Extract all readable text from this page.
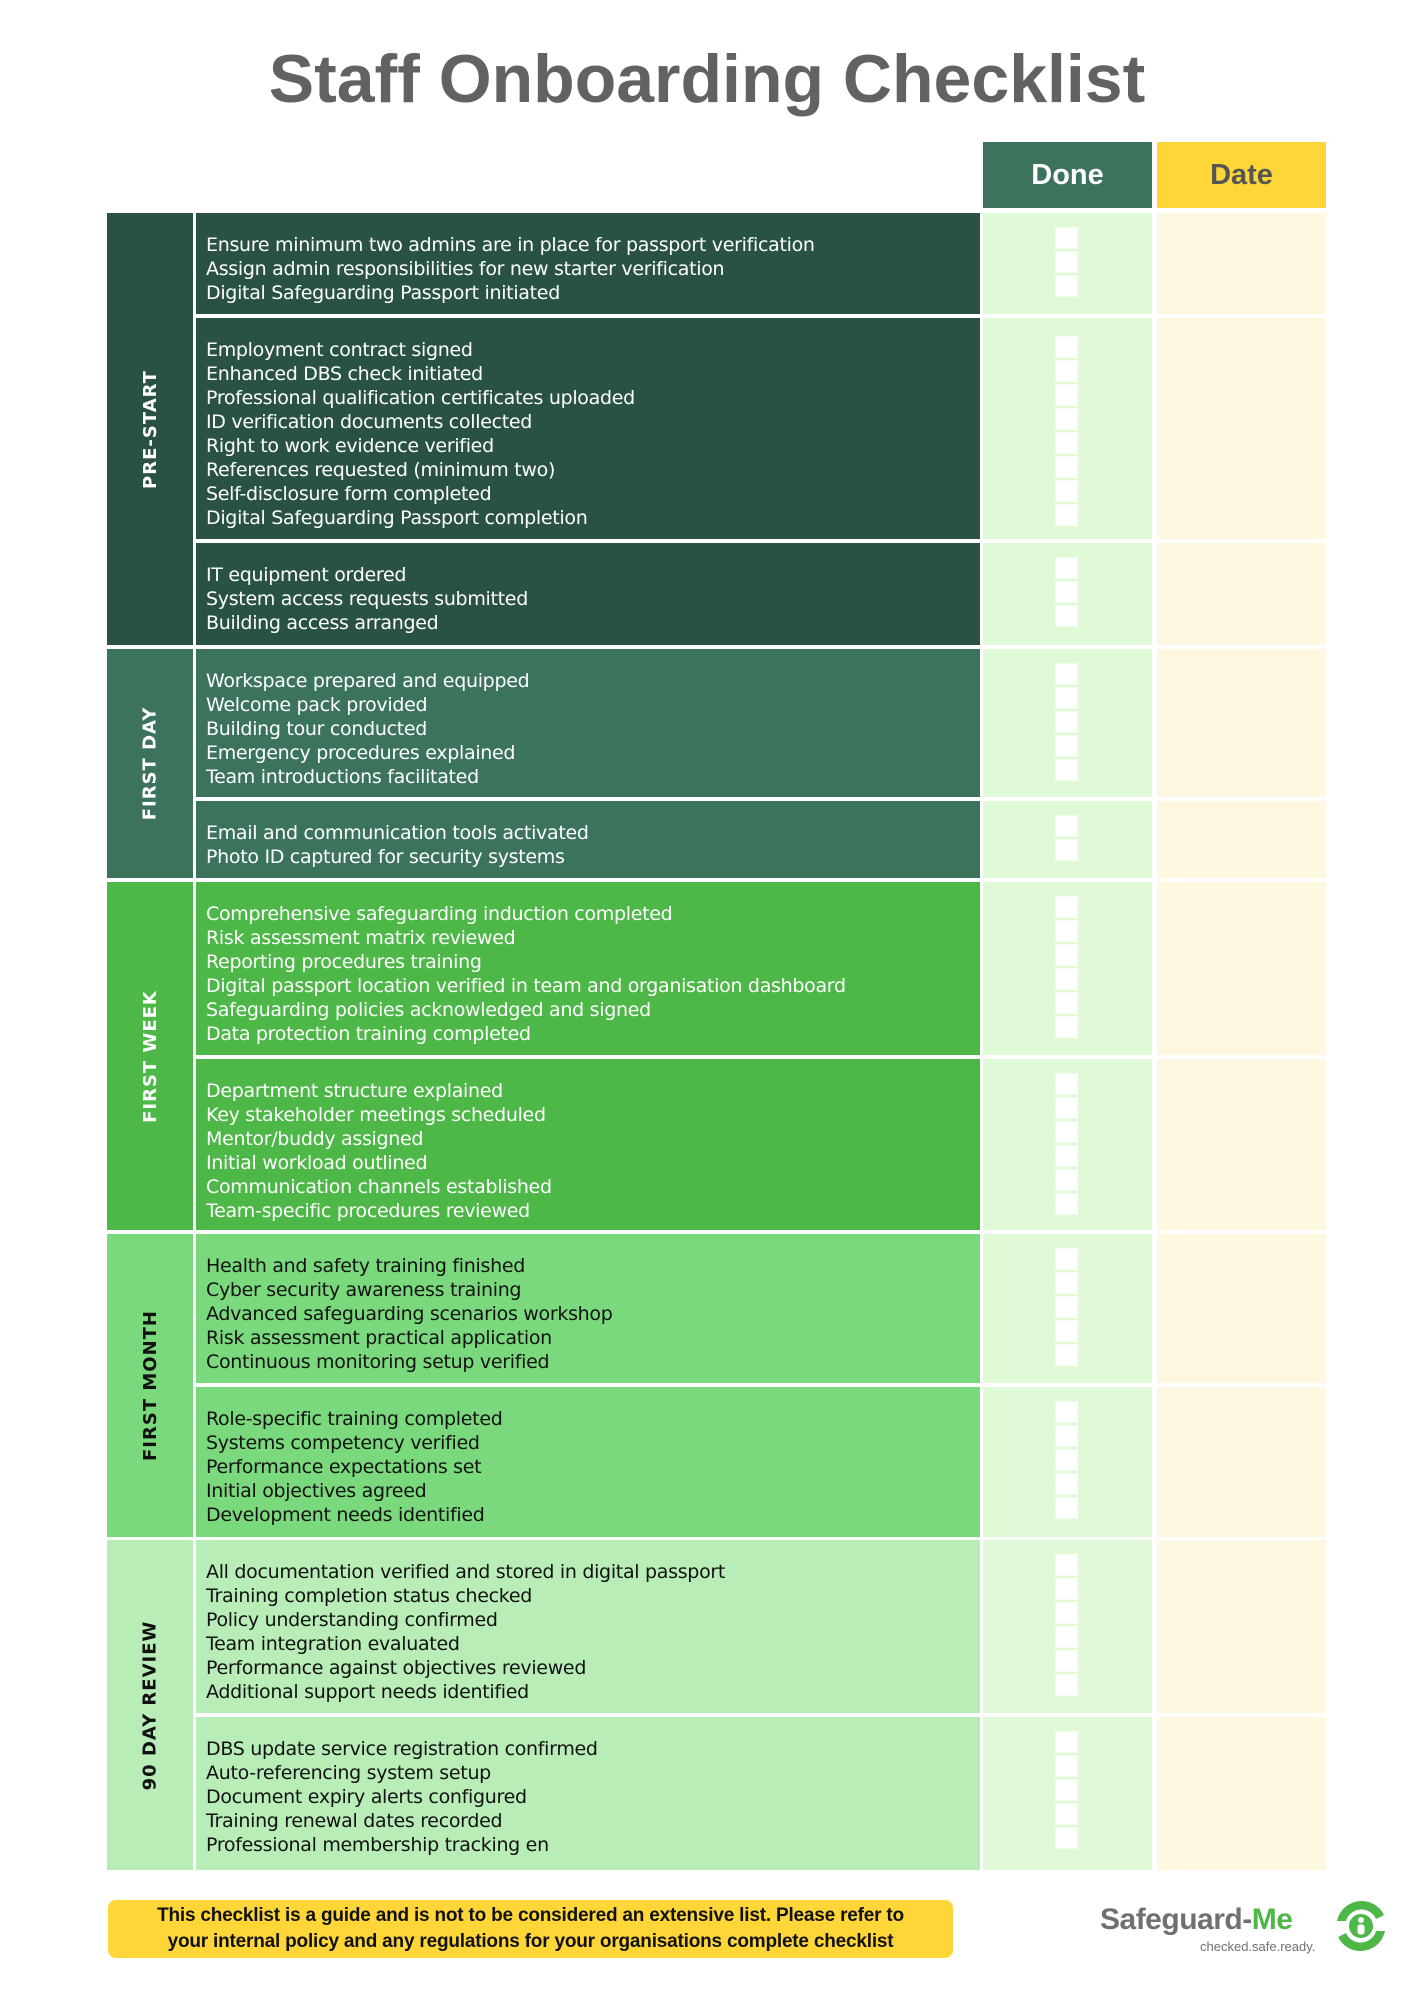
Staff Onboarding Checklist
Done	Date
PRE-START
Ensure minimum two admins are in place for passport verification
Assign admin responsibilities for new starter verification
Digital Safeguarding Passport initiated
Employment contract signed
Enhanced DBS check initiated
Professional qualification certificates uploaded
ID verification documents collected
Right to work evidence verified
References requested (minimum two)
Self-disclosure form completed
Digital Safeguarding Passport completion
IT equipment ordered
System access requests submitted
Building access arranged
FIRST DAY
Workspace prepared and equipped
Welcome pack provided
Building tour conducted
Emergency procedures explained
Team introductions facilitated
Email and communication tools activated
Photo ID captured for security systems
FIRST WEEK
Comprehensive safeguarding induction completed
Risk assessment matrix reviewed
Reporting procedures training
Digital passport location verified in team and organisation dashboard
Safeguarding policies acknowledged and signed
Data protection training completed
Department structure explained
Key stakeholder meetings scheduled
Mentor/buddy assigned
Initial workload outlined
Communication channels established
Team-specific procedures reviewed
FIRST MONTH
Health and safety training finished
Cyber security awareness training
Advanced safeguarding scenarios workshop
Risk assessment practical application
Continuous monitoring setup verified
Role-specific training completed
Systems competency verified
Performance expectations set
Initial objectives agreed
Development needs identified
90 DAY REVIEW
All documentation verified and stored in digital passport
Training completion status checked
Policy understanding confirmed
Team integration evaluated
Performance against objectives reviewed
Additional support needs identified
DBS update service registration confirmed
Auto-referencing system setup
Document expiry alerts configured
Training renewal dates recorded
Professional membership tracking en
This checklist is a guide and is not to be considered an extensive list. Please refer to
your internal policy and any regulations for your organisations complete checklist
Safeguard-Me
checked.safe.ready.
